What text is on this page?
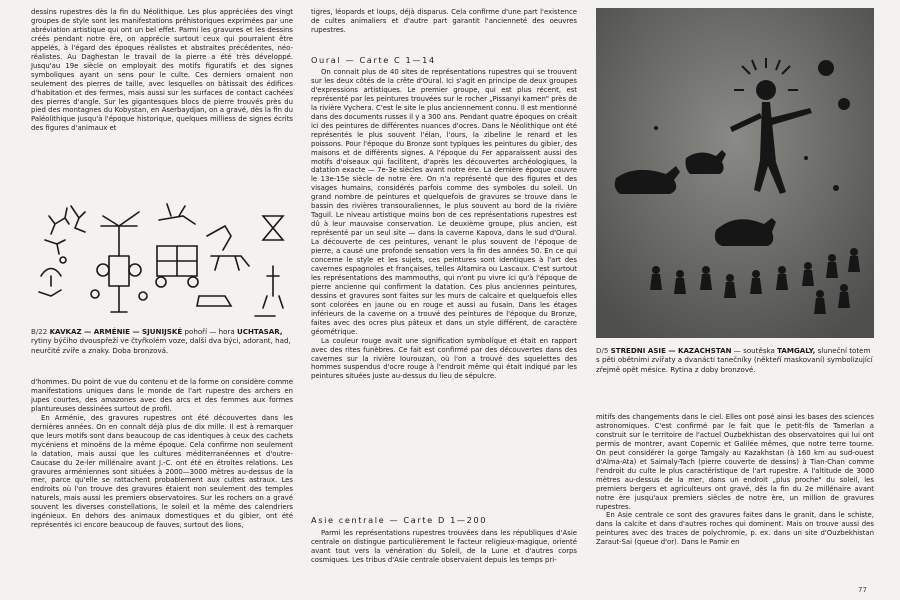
dessins rupestres dès la fin du Néolithique. Les plus appréciées des vingt groupes de style sont les manifestations préhistoriques exprimées par une abréviation artistique qui ont un bel effet. Parmi les gravures et les dessins créés pendant notre ère, on apprécie surtout ceux qui pourraient être appelés, à l'égard des époques réalistes et abstraites précédentes, néo-réalistes. Au Daghestan le travail de la pierre a été très développé. Jusqu'au 19e siècle on employait des motifs figuratifs et des signes symboliques ayant un sens pour le culte. Ces derniers ornaient non seulement des pierres de taille, avec lesquelles on bâtissait des édifices d'habitation et des fermes, mais aussi sur les surfaces de contact cachées des pierres d'angle. Sur les gigantesques blocs de pierre trouvés près du pied des montagnes du Kobystan, en Aserbaydjan, on a gravé, dès la fin du Paléolithique jusqu'à l'époque historique, quelques milliess de signes écrits des figures d'animaux et

B/22 KAVKAZ — ARMÉNIE — SJUNIJSKÉ pohoří — hora UCHTASAR, rytiny býčího dvouspřeží ve čtyřkolém voze, další dva býci, adorant, had, neurčité zvíře a znaky. Doba bronzová.

d'hommes. Du point de vue du contenu et de la forme on considère comme manifestations uniques dans le monde de l'art rupestre des archers en jupes courtes, des amazones avec des arcs et des femmes aux formes plantureuses dessinées surtout de profil.

En Arménie, des gravures rupestres ont été découvertes dans les dernières années. On en connaît déjà plus de dix mille. Il est à remarquer que leurs motifs sont dans beaucoup de cas identiques à ceux des cachets mycéniens et minoëns de la même époque. Cela confirme non seulement la datation, mais aussi que les cultures méditerranéennes et d'outre-Caucase du 2e-ler millénaire avant J.-C. ont été en étroites relations. Les gravures arméniennes sont situées à 2000—3000 mètres au-dessus de la mer, parce qu'elle se rattachent probablement aux cultes astraux. Les endroits où l'on trouve des gravures étaient non seulement des temples naturels, mais aussi les premiers observatoires. Sur les rochers on a gravé souvent les diverses constellations, le soleil et la même des calendriers ingénieux. En dehors des animaux domestiques et du gibier, ont été représentés ici encore beaucoup de fauves, surtout des lions,

tigres, léopards et loups, déjà disparus. Cela confirme d'une part l'existence de cultes animaliers et d'autre part garantit l'ancienneté des oeuvres rupestres.

Oural — Carte C 1—14

On connait plus de 40 sites de représentations rupestres qui se trouvent sur les deux côtés de la crête d'Oural. Ici s'agit en principe de deux groupes d'expressions artistiques. Le premier groupe, qui est plus récent, est représenté par les peintures trouvées sur le rocher „Pissanyi kamen" près de la rivière Vychera. C'est le site le plus anciennement connu. Il est mentionné dans des documents russes il y a 300 ans. Pendant quatre époques on créait ici des peintures de différentes nuances d'ocres. Dans le Néolithique ont été représentés le plus souvent l'élan, l'ours, la zibeline le renard et les poissons. Pour l'époque du Bronze sont typiques les peintures du gibier, des maisons et de différents signes. A l'époque du Fer apparaissent aussi des motifs d'oiseaux qui facilitent, d'après les découvertes archéologiques, la datation exacte — 7e-3e siècles avant notre ère. La dernière époque couvre le 13e-15e siècle de notre ère. On n'a représenté que des figures et des visages humains, considérés parfois comme des symboles du soleil. Un grand nombre de peintures et quelquefois de gravures se trouve dans le bassin des rivières transouraliennes, le plus souvent au bord de la rivière Taguil. Le niveau artistique moins bon de ces représentations rupestres est dû à leur mauvaise conservation. Le deuxième groupe, plus ancien, est représenté par un seul site — dans la caverne Kapova, dans le sud d'Oural. La découverte de ces peintures, venant le plus souvent de l'époque de pierre, a causé une profonde sensation vers la fin des années 50. En ce qui concerne le style et les sujets, ces peintures sont identiques à l'art des cavernes espagnoles et françaises, telles Altamira ou Lascaux. C'est surtout les représentations des mammouths, qui n'ont pu vivre ici qu'à l'époque de pierre ancienne qui confirment la datation. Ces plus anciennes peintures, dessins et gravures sont faites sur les murs de calcaire et quelquefois elles sont colorées en jaune ou en rouge et aussi au fusain. Dans les étages inférieurs de la caverne on a trouvé des peintures de l'époque du Bronze, faites avec des ocres plus pâteux et dans un style différent, de caractère géométrique.

La couleur rouge avait une signification symbolique et était en rapport avec des rites funèbres. Ce fait est confirmé par des découvertes dans des cavernes sur la rivière Iourouzan, où l'on a trouvé des squelettes des hommes suspendus d'ocre rouge à l'endroit même qui était indiqué par les peintures situées juste au-dessus du lieu de sépulcre.

Asie centrale — Carte D 1—200

Parmi les représentations rupestres trouvées dans les républiques d'Asie centrale on distingue particulièrement le facteur religieux-magique, orienté avant tout vers la vénération du Soleil, de la Lune et d'autres corps cosmiques. Les tribus d'Asie centrale observaient depuis les temps pri-

D/5 STREDNI ASIE — KAZACHSTAN — soutěska TAMGALY, sluneční totem s pěti obětními zvířaty a dvanácti tanečníky (někteří maskovaní) symbolizující zřejmě opět mésice. Rytina z doby bronzové.

mitifs des changements dans le ciel. Elles ont posé ainsi les bases des sciences astronomiques. C'est confirmé par le fait que le petit-fils de Tamerlan a construit sur le territoire de l'actuel Ouzbekhistan des observatoires qui lui ont permis de montrer, avant Copernic et Galilée mêmes, que notre terre tourne. On peut considérer la gorge Tamgaly au Kazakhstan (à 160 km au sud-ouest d'Alma-Ata) et Saimaly-Tach (pierre couverte de dessins) à Tian-Chan comme l'endroit du culte le plus caractéristique de l'art rupestre. A l'altitude de 3000 mètres au-dessus de la mer, dans un endroit „plus proche" du soleil, les premiers bergers et agriculteurs ont gravé, dès la fin du 2e millénaire avant notre ère jusqu'aux premiers siècles de notre ère, un million de gravures rupestres.

En Asie centrale ce sont des gravures faites dans le granit, dans le schiste, dans la calcite et dans d'autres roches qui dominent. Mais on trouve aussi des peintures avec des traces de polychromie, p. ex. dans un site d'Ouzbekhistan Zaraut-Sai (queue d'or). Dans le Pamir en

77
